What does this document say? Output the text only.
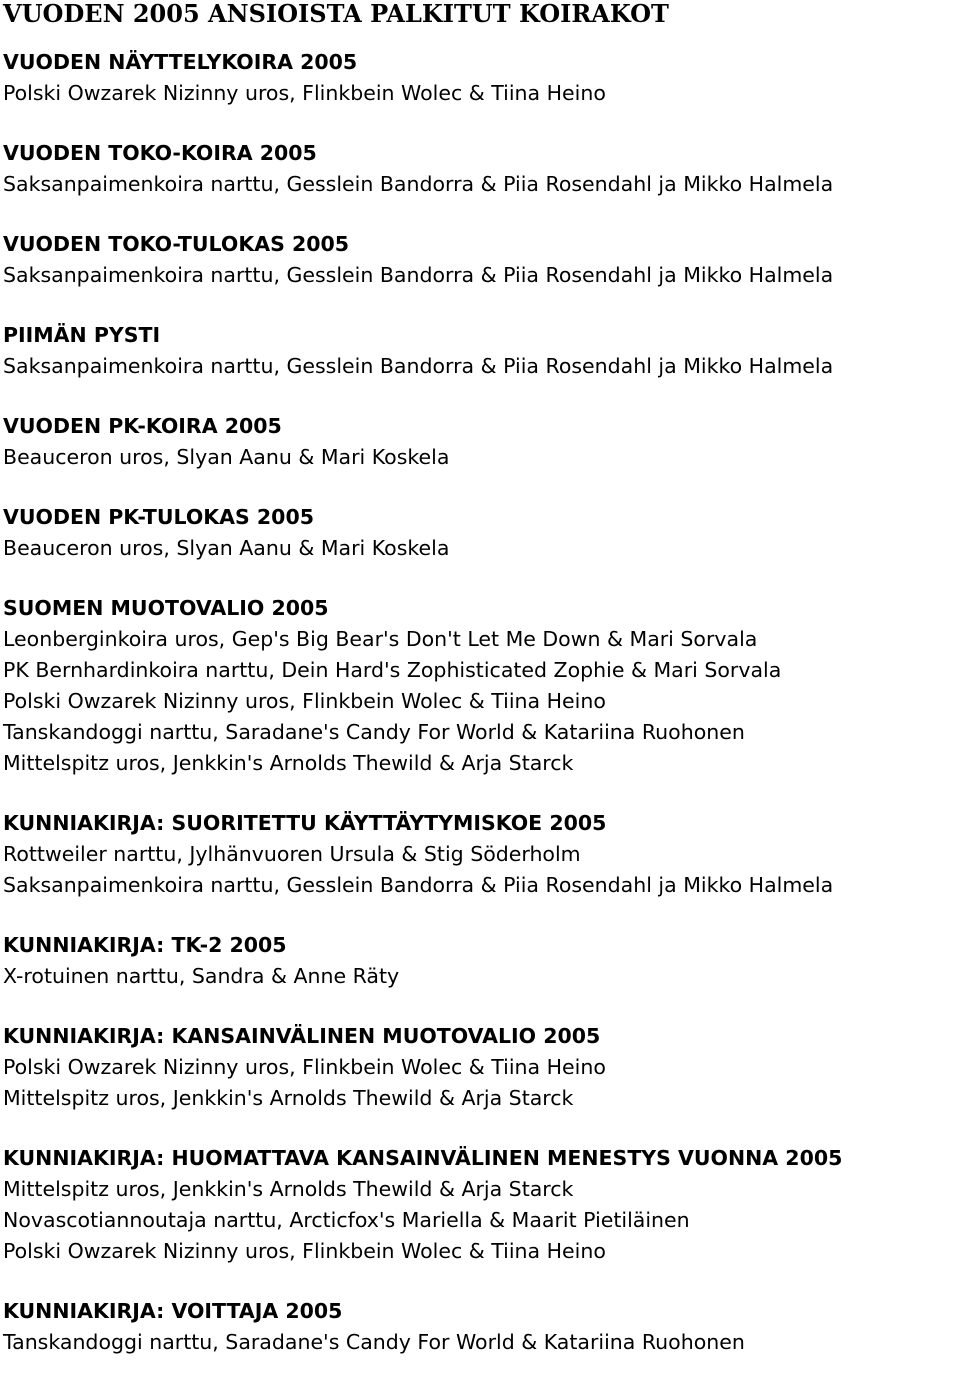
VUODEN 2005 ANSIOISTA PALKITUT KOIRAKOT
VUODEN NÄYTTELYKOIRA 2005
Polski Owzarek Nizinny uros, Flinkbein Wolec & Tiina Heino
VUODEN TOKO-KOIRA 2005
Saksanpaimenkoira narttu, Gesslein Bandorra & Piia Rosendahl ja Mikko Halmela
VUODEN TOKO-TULOKAS 2005
Saksanpaimenkoira narttu, Gesslein Bandorra & Piia Rosendahl ja Mikko Halmela
PIIMÄN PYSTI
Saksanpaimenkoira narttu, Gesslein Bandorra & Piia Rosendahl ja Mikko Halmela
VUODEN PK-KOIRA 2005
Beauceron uros, Slyan Aanu & Mari Koskela
VUODEN PK-TULOKAS 2005
Beauceron uros, Slyan Aanu & Mari Koskela
SUOMEN MUOTOVALIO 2005
Leonberginkoira uros, Gep's Big Bear's Don't Let Me Down & Mari Sorvala
PK Bernhardinkoira narttu, Dein Hard's Zophisticated Zophie & Mari Sorvala
Polski Owzarek Nizinny uros, Flinkbein Wolec & Tiina Heino
Tanskandoggi narttu, Saradane's Candy For World & Katariina Ruohonen
Mittelspitz uros, Jenkkin's Arnolds Thewild & Arja Starck
KUNNIAKIRJA: SUORITETTU KÄYTTÄYTYMISKOE 2005
Rottweiler narttu, Jylhänvuoren Ursula & Stig Söderholm
Saksanpaimenkoira narttu, Gesslein Bandorra & Piia Rosendahl ja Mikko Halmela
KUNNIAKIRJA: TK-2 2005
X-rotuinen narttu, Sandra & Anne Räty
KUNNIAKIRJA: KANSAINVÄLINEN MUOTOVALIO 2005
Polski Owzarek Nizinny uros, Flinkbein Wolec & Tiina Heino
Mittelspitz uros, Jenkkin's Arnolds Thewild & Arja Starck
KUNNIAKIRJA: HUOMATTAVA KANSAINVÄLINEN MENESTYS VUONNA 2005
Mittelspitz uros, Jenkkin's Arnolds Thewild & Arja Starck
Novascotiannoutaja narttu, Arcticfox's Mariella & Maarit Pietiläinen
Polski Owzarek Nizinny uros, Flinkbein Wolec & Tiina Heino
KUNNIAKIRJA: VOITTAJA 2005
Tanskandoggi narttu, Saradane's Candy For World & Katariina Ruohonen
